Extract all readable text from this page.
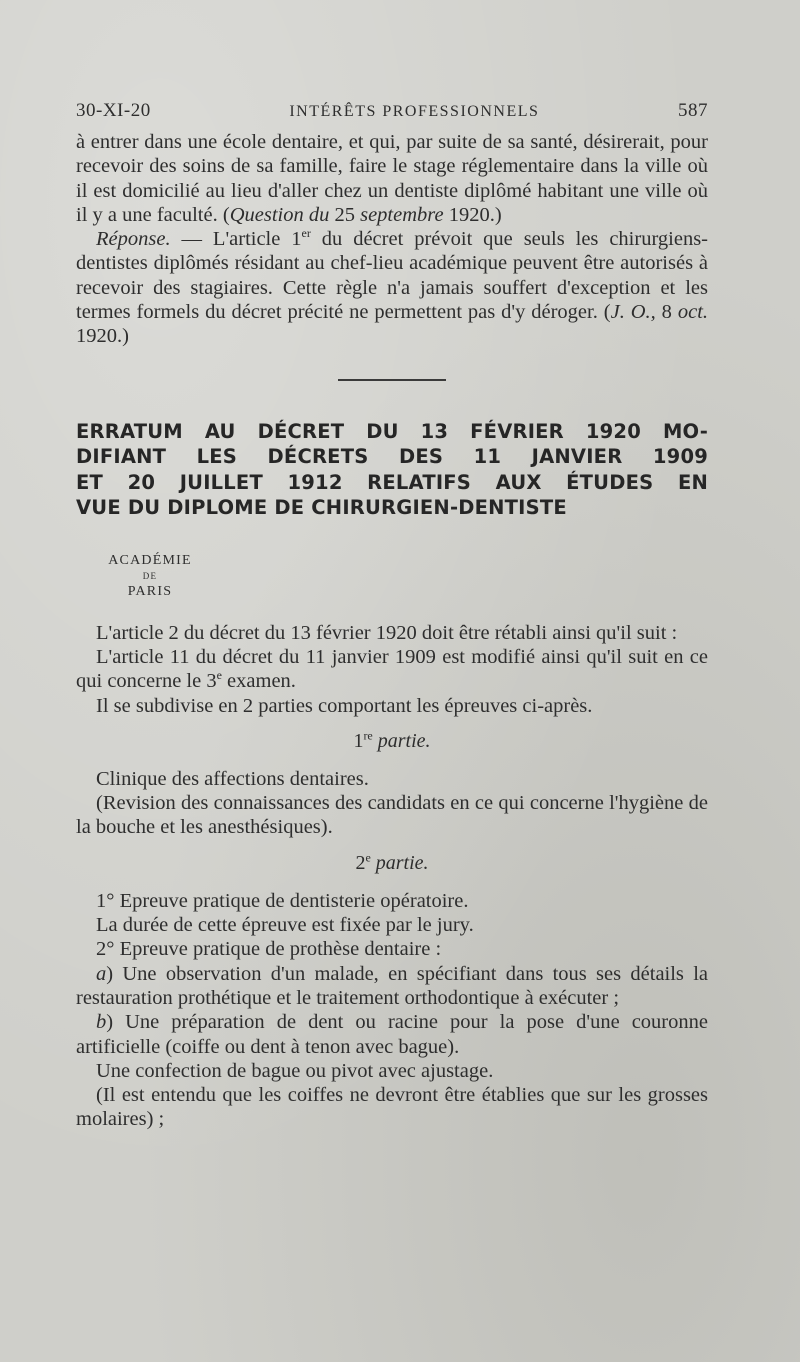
30-XI-20	INTÉRÊTS PROFESSIONNELS	587

à entrer dans une école dentaire, et qui, par suite de sa santé, désirerait, pour recevoir des soins de sa famille, faire le stage réglementaire dans la ville où il est domicilié au lieu d'aller chez un dentiste diplômé habitant une ville où il y a une faculté. (Question du 25 septembre 1920.)

Réponse. — L'article 1er du décret prévoit que seuls les chirurgiens-dentistes diplômés résidant au chef-lieu académique peuvent être autorisés à recevoir des stagiaires. Cette règle n'a jamais souffert d'exception et les termes formels du décret précité ne permettent pas d'y déroger. (J. O., 8 oct. 1920.)

ERRATUM AU DÉCRET DU 13 FÉVRIER 1920 MO-
DIFIANT LES DÉCRETS DES 11 JANVIER 1909
ET 20 JUILLET 1912 RELATIFS AUX ÉTUDES EN
VUE DU DIPLOME DE CHIRURGIEN-DENTISTE
ACADÉMIE
DE
PARIS

L'article 2 du décret du 13 février 1920 doit être rétabli ainsi qu'il suit :

L'article 11 du décret du 11 janvier 1909 est modifié ainsi qu'il suit en ce qui concerne le 3e examen.

Il se subdivise en 2 parties comportant les épreuves ci-après.

1re partie.

Clinique des affections dentaires.

(Revision des connaissances des candidats en ce qui concerne l'hygiène de la bouche et les anesthésiques).

2e partie.

1° Epreuve pratique de dentisterie opératoire.

La durée de cette épreuve est fixée par le jury.

2° Epreuve pratique de prothèse dentaire :

a) Une observation d'un malade, en spécifiant dans tous ses détails la restauration prothétique et le traitement orthodontique à exécuter ;

b) Une préparation de dent ou racine pour la pose d'une couronne artificielle (coiffe ou dent à tenon avec bague).

Une confection de bague ou pivot avec ajustage.

(Il est entendu que les coiffes ne devront être établies que sur les grosses molaires) ;
